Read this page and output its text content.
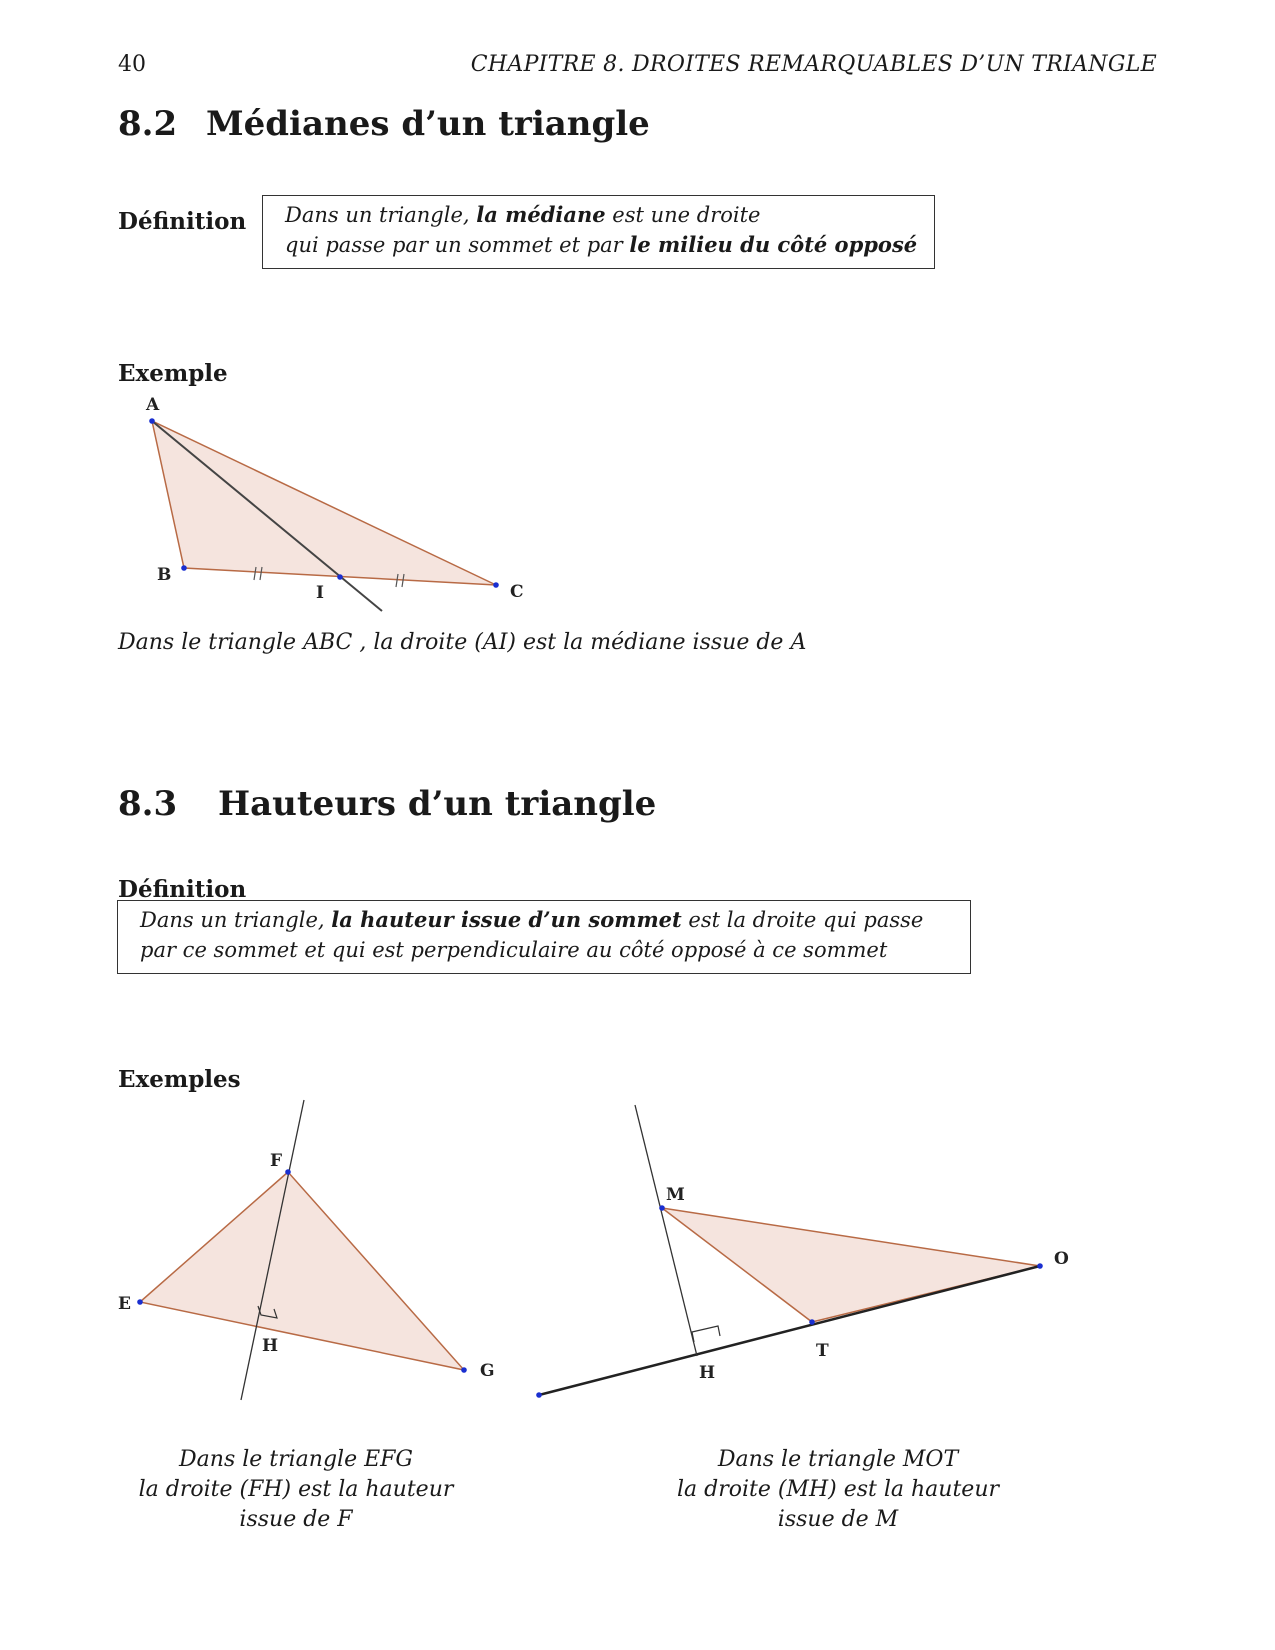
40	CHAPITRE 8. DROITES REMARQUABLES D’UN TRIANGLE
8.2 Médianes d’un triangle
Définition Dans un triangle, la médiane est une droite
qui passe par un sommet et par le milieu du côté opposé
Exemple
A
B
I	C
F
E
H
G
M
O
T
H
Dans le triangle ABC , la droite (AI) est la médiane issue de A
8.3 Hauteurs d’un triangle
Définition
Dans un triangle, la hauteur issue d’un sommet est la droite qui passe
par ce sommet et qui est perpendiculaire au côté opposé à ce sommet
Exemples
Dans le triangle EFG
la droite (FH) est la hauteur
issue de F
Dans le triangle MOT
la droite (MH) est la hauteur
issue de M
